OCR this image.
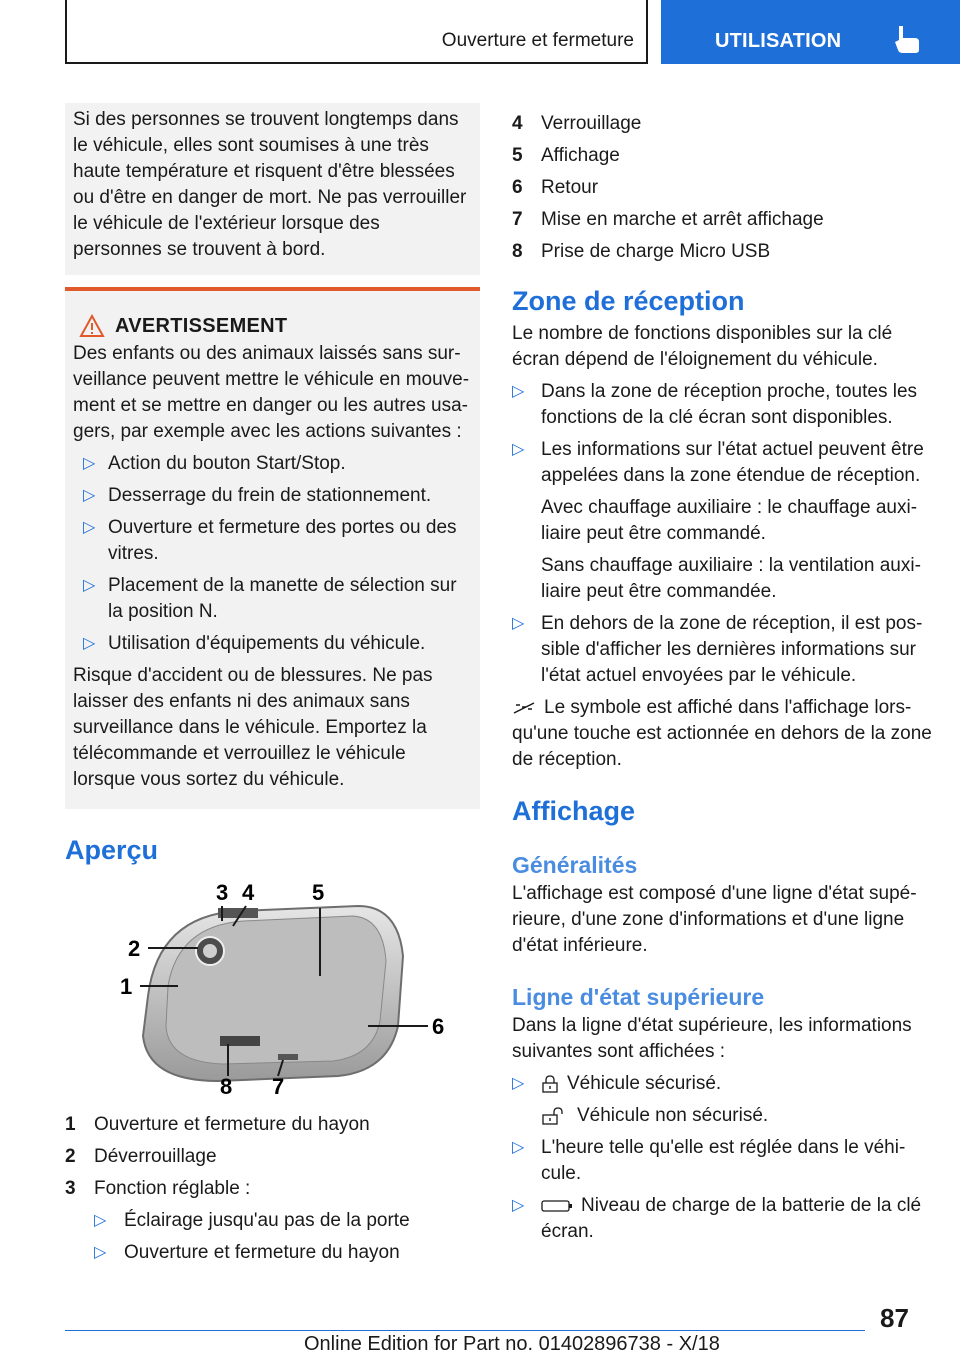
Ouverture et fermeture	UTILISATION

Si des personnes se trouvent longtemps dans le véhicule, elles sont soumises à une très haute température et risquent d'être blessées ou d'être en danger de mort. Ne pas verrouiller le véhicule de l'extérieur lorsque des personnes se trouvent à bord.

AVERTISSEMENT

Des enfants ou des animaux laissés sans surveillance peuvent mettre le véhicule en mouvement et se mettre en danger ou les autres usagers, par exemple avec les actions suivantes :

▷ Action du bouton Start/Stop.
▷ Desserrage du frein de stationnement.
▷ Ouverture et fermeture des portes ou des vitres.
▷ Placement de la manette de sélection sur la position N.
▷ Utilisation d'équipements du véhicule.

Risque d'accident ou de blessures. Ne pas laisser des enfants ni des animaux sans surveillance dans le véhicule. Emportez la télécommande et verrouillez le véhicule lorsque vous sortez du véhicule.

Aperçu
3 4	5
2
1
6
8 7
1 Ouverture et fermeture du hayon
2 Déverrouillage
3 Fonction réglable :
▷ Éclairage jusqu'au pas de la porte
▷ Ouverture et fermeture du hayon
4 Verrouillage
5 Affichage
6 Retour
7 Mise en marche et arrêt affichage
8 Prise de charge Micro USB
Zone de réception

Le nombre de fonctions disponibles sur la clé écran dépend de l'éloignement du véhicule.

▷ Dans la zone de réception proche, toutes les fonctions de la clé écran sont disponibles.
▷ Les informations sur l'état actuel peuvent être appelées dans la zone étendue de réception.

Avec chauffage auxiliaire : le chauffage auxiliaire peut être commandé.

Sans chauffage auxiliaire : la ventilation auxiliaire peut être commandée.

▷ En dehors de la zone de réception, il est possible d'afficher les dernières informations sur l'état actuel envoyées par le véhicule.

Le symbole est affiché dans l'affichage lorsqu'une touche est actionnée en dehors de la zone de réception.

Affichage
Généralités

L'affichage est composé d'une ligne d'état supérieure, d'une zone d'informations et d'une ligne d'état inférieure.

Ligne d'état supérieure

Dans la ligne d'état supérieure, les informations suivantes sont affichées :

▷	Véhicule sécurisé.

Véhicule non sécurisé.

▷ L'heure telle qu'elle est réglée dans le véhicule.
▷	Niveau de charge de la batterie de la clé écran.
87
Online Edition for Part no. 01402896738 - X/18
